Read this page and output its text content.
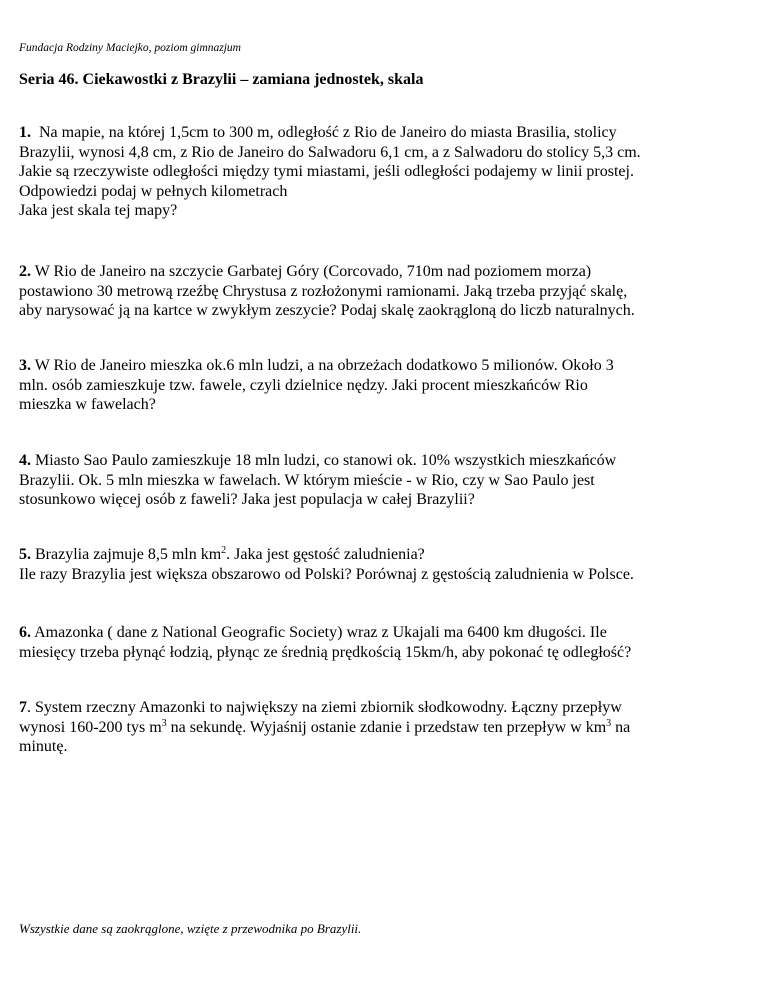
Fundacja Rodziny Maciejko, poziom gimnazjum
Seria 46. Ciekawostki z Brazylii – zamiana jednostek, skala
1. Na mapie, na której 1,5cm to 300 m, odległość z Rio de Janeiro do miasta Brasilia, stolicy
Brazylii, wynosi 4,8 cm, z Rio de Janeiro do Salwadoru 6,1 cm, a z Salwadoru do stolicy 5,3 cm.
Jakie są rzeczywiste odległości między tymi miastami, jeśli odległości podajemy w linii prostej.
Odpowiedzi podaj w pełnych kilometrach
Jaka jest skala tej mapy?
2. W Rio de Janeiro na szczycie Garbatej Góry (Corcovado, 710m nad poziomem morza)
postawiono 30 metrową rzeźbę Chrystusa z rozłożonymi ramionami. Jaką trzeba przyjąć skalę,
aby narysować ją na kartce w zwykłym zeszycie? Podaj skalę zaokrągloną do liczb naturalnych.
3. W Rio de Janeiro mieszka ok.6 mln ludzi, a na obrzeżach dodatkowo 5 milionów. Około 3
mln. osób zamieszkuje tzw. fawele, czyli dzielnice nędzy. Jaki procent mieszkańców Rio
mieszka w fawelach?
4. Miasto Sao Paulo zamieszkuje 18 mln ludzi, co stanowi ok. 10% wszystkich mieszkańców
Brazylii. Ok. 5 mln mieszka w fawelach. W którym mieście - w Rio, czy w Sao Paulo jest
stosunkowo więcej osób z faweli? Jaka jest populacja w całej Brazylii?
5. Brazylia zajmuje 8,5 mln $km^2$. Jaka jest gęstość zaludnienia?
Ile razy Brazylia jest większa obszarowo od Polski? Porównaj z gęstością zaludnienia w Polsce.
6. Amazonka ( dane z National Geografic Society) wraz z Ukajali ma 6400 km długości. Ile
miesięcy trzeba płynąć łodzią, płynąc ze średnią prędkością 15km/h, aby pokonać tę odległość?
7. System rzeczny Amazonki to największy na ziemi zbiornik słodkowodny. Łączny przepływ
wynosi 160-200 tys $m^3$ na sekundę. Wyjaśnij ostanie zdanie i przedstaw ten przepływ w $km^3$ na
minutę.
Wszystkie dane są zaokrąglone, wzięte z przewodnika po Brazylii.
